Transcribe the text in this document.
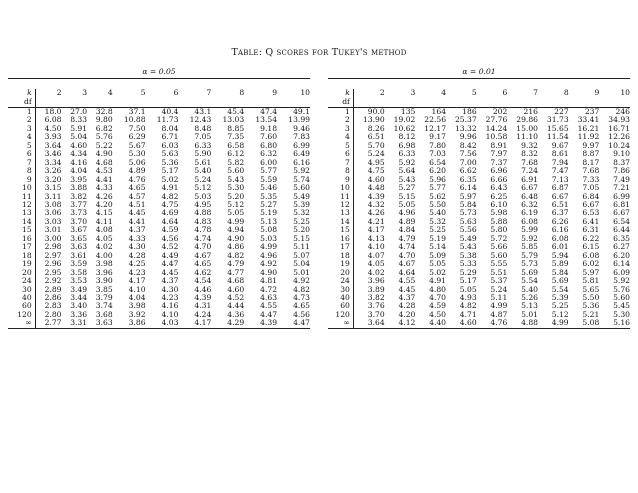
Table: Q scores for Tukey's method
α = 0.05									

k	2	3	4	5	6	7	8	9	10
df									
1	18.0	27.0	32.8	37.1	40.4	43.1	45.4	47.4	49.1
2	6.08	8.33	9.80	10.88	11.73	12.43	13.03	13.54	13.99
3	4.50	5.91	6.82	7.50	8.04	8.48	8.85	9.18	9.46
4	3.93	5.04	5.76	6.29	6.71	7.05	7.35	7.60	7.83
5	3.64	4.60	5.22	5.67	6.03	6.33	6.58	6.80	6.99
6	3.46	4.34	4.90	5.30	5.63	5.90	6.12	6.32	6.49
7	3.34	4.16	4.68	5.06	5.36	5.61	5.82	6.00	6.16
8	3.26	4.04	4.53	4.89	5.17	5.40	5.60	5.77	5.92
9	3.20	3.95	4.41	4.76	5.02	5.24	5.43	5.59	5.74
10	3.15	3.88	4.33	4.65	4.91	5.12	5.30	5.46	5.60
11	3.11	3.82	4.26	4.57	4.82	5.03	5.20	5.35	5.49
12	3.08	3.77	4.20	4.51	4.75	4.95	5.12	5.27	5.39
13	3.06	3.73	4.15	4.45	4.69	4.88	5.05	5.19	5.32
14	3.03	3.70	4.11	4.41	4.64	4.83	4.99	5.13	5.25
15	3.01	3.67	4.08	4.37	4.59	4.78	4.94	5.08	5.20
16	3.00	3.65	4.05	4.33	4.56	4.74	4.90	5.03	5.15
17	2.98	3.63	4.02	4.30	4.52	4.70	4.86	4.99	5.11
18	2.97	3.61	4.00	4.28	4.49	4.67	4.82	4.96	5.07
19	2.96	3.59	3.98	4.25	4.47	4.65	4.79	4.92	5.04
20	2.95	3.58	3.96	4.23	4.45	4.62	4.77	4.90	5.01
24	2.92	3.53	3.90	4.17	4.37	4.54	4.68	4.81	4.92
30	2.89	3.49	3.85	4.10	4.30	4.46	4.60	4.72	4.82
40	2.86	3.44	3.79	4.04	4.23	4.39	4.52	4.63	4.73
60	2.83	3.40	3.74	3.98	4.16	4.31	4.44	4.55	4.65
120	2.80	3.36	3.68	3.92	4.10	4.24	4.36	4.47	4.56
∞	2.77	3.31	3.63	3.86	4.03	4.17	4.29	4.39	4.47
α = 0.01									

k	2	3	4	5	6	7	8	9	10
df									
1	90.0	135	164	186	202	216	227	237	246
2	13.90	19.02	22.56	25.37	27.76	29.86	31.73	33.41	34.93
3	8.26	10.62	12.17	13.32	14.24	15.00	15.65	16.21	16.71
4	6.51	8.12	9.17	9.96	10.58	11.10	11.54	11.92	12.26
5	5.70	6.98	7.80	8.42	8.91	9.32	9.67	9.97	10.24
6	5.24	6.33	7.03	7.56	7.97	8.32	8.61	8.87	9.10
7	4.95	5.92	6.54	7.00	7.37	7.68	7.94	8.17	8.37
8	4.75	5.64	6.20	6.62	6.96	7.24	7.47	7.68	7.86
9	4.60	5.43	5.96	6.35	6.66	6.91	7.13	7.33	7.49
10	4.48	5.27	5.77	6.14	6.43	6.67	6.87	7.05	7.21
11	4.39	5.15	5.62	5.97	6.25	6.48	6.67	6.84	6.99
12	4.32	5.05	5.50	5.84	6.10	6.32	6.51	6.67	6.81
13	4.26	4.96	5.40	5.73	5.98	6.19	6.37	6.53	6.67
14	4.21	4.89	5.32	5.63	5.88	6.08	6.26	6.41	6.54
15	4.17	4.84	5.25	5.56	5.80	5.99	6.16	6.31	6.44
16	4.13	4.79	5.19	5.49	5.72	5.92	6.08	6.22	6.35
17	4.10	4.74	5.14	5.43	5.66	5.85	6.01	6.15	6.27
18	4.07	4.70	5.09	5.38	5.60	5.79	5.94	6.08	6.20
19	4.05	4.67	5.05	5.33	5.55	5.73	5.89	6.02	6.14
20	4.02	4.64	5.02	5.29	5.51	5.69	5.84	5.97	6.09
24	3.96	4.55	4.91	5.17	5.37	5.54	5.69	5.81	5.92
30	3.89	4.45	4.80	5.05	5.24	5.40	5.54	5.65	5.76
40	3.82	4.37	4.70	4.93	5.11	5.26	5.39	5.50	5.60
60	3.76	4.28	4.59	4.82	4.99	5.13	5.25	5.36	5.45
120	3.70	4.20	4.50	4.71	4.87	5.01	5.12	5.21	5.30
∞	3.64	4.12	4.40	4.60	4.76	4.88	4.99	5.08	5.16
